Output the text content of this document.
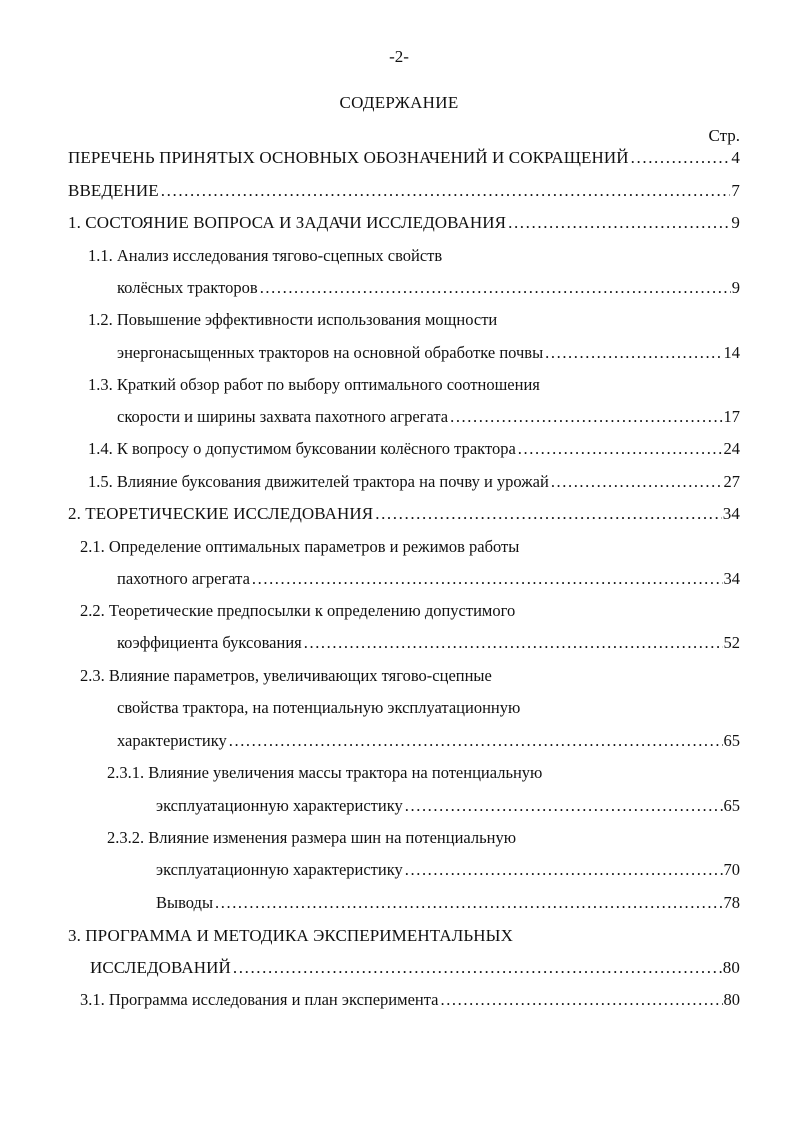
-2-
СОДЕРЖАНИЕ
Стр.
ПЕРЕЧЕНЬ ПРИНЯТЫХ ОСНОВНЫХ ОБОЗНАЧЕНИЙ И СОКРАЩЕНИЙ .....	4
ВВЕДЕНИЕ .....	7
1. СОСТОЯНИЕ ВОПРОСА И ЗАДАЧИ ИССЛЕДОВАНИЯ .....	9
1.1. Анализ исследования тягово-сцепных свойств
колёсных тракторов .....	9
1.2. Повышение эффективности использования мощности
энергонасыщенных тракторов на основной обработке почвы .....	14
1.3. Краткий обзор работ по выбору оптимального соотношения
скорости и ширины захвата пахотного агрегата .....	17
1.4. К вопросу о допустимом буксовании колёсного трактора .....	24
1.5. Влияние буксования движителей трактора на почву и урожай .....	27
2. ТЕОРЕТИЧЕСКИЕ ИССЛЕДОВАНИЯ .....	34
2.1. Определение оптимальных параметров и режимов работы
пахотного агрегата .....	34
2.2. Теоретические предпосылки к определению допустимого
коэффициента буксования .....	52
2.3. Влияние параметров, увеличивающих тягово-сцепные
свойства трактора, на потенциальную эксплуатационную
характеристику .....	65
2.3.1. Влияние увеличения массы трактора на потенциальную
эксплуатационную характеристику .....	65
2.3.2. Влияние изменения размера шин на потенциальную
эксплуатационную характеристику .....	70
Выводы .....	78
3. ПРОГРАММА И МЕТОДИКА ЭКСПЕРИМЕНТАЛЬНЫХ
ИССЛЕДОВАНИЙ .....	80
3.1. Программа исследования и план эксперимента .....	80
